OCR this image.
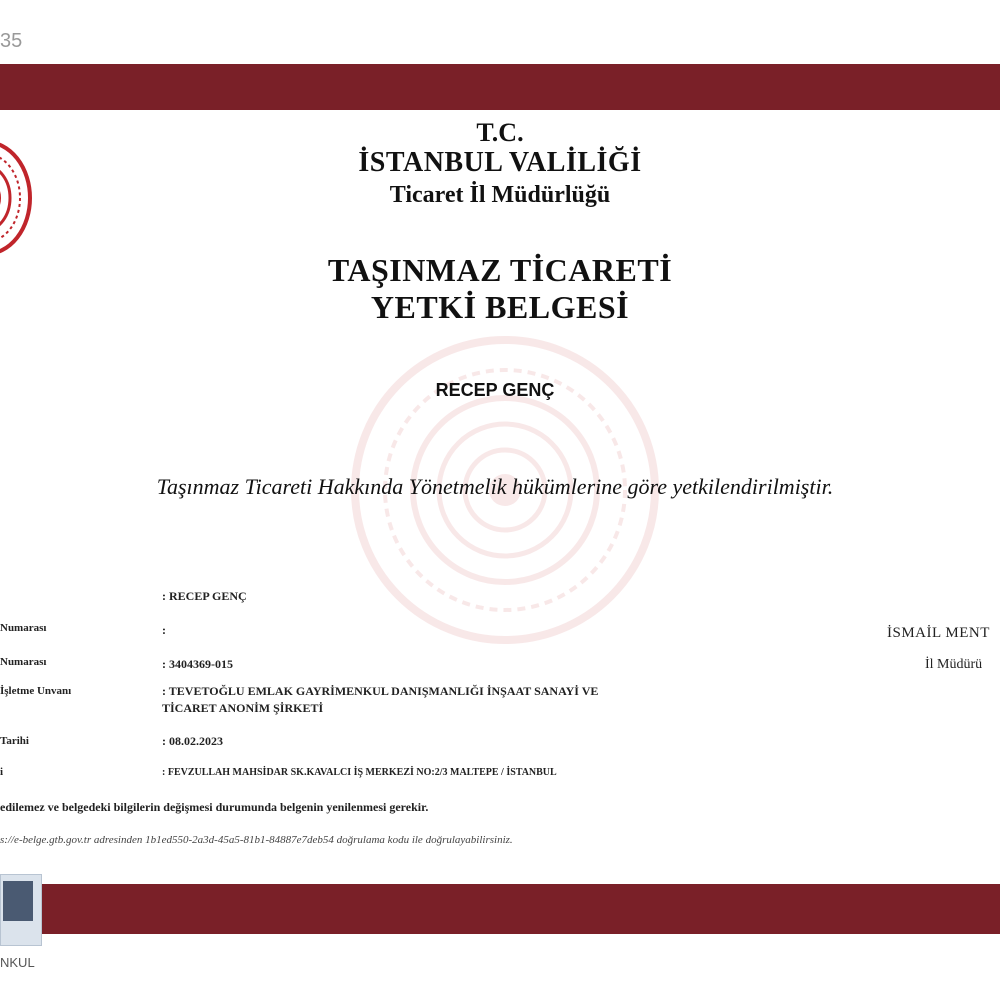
35
T.C.
İSTANBUL VALİLİĞİ
Ticaret İl Müdürlüğü
TAŞINMAZ TİCARETİ
YETKİ BELGESİ
RECEP GENÇ
Taşınmaz Ticareti Hakkında Yönetmelik hükümlerine göre yetkilendirilmiştir.
: RECEP GENÇ
Numarası	:
Numarası	: 3404369-015
İşletme Unvanı	: TEVETOĞLU EMLAK GAYRİMENKUL DANIŞMANLIĞI İNŞAAT SANAYİ VE
TİCARET ANONİM ŞİRKETİ
Tarihi	: 08.02.2023
i	: FEVZULLAH MAHSİDAR SK.KAVALCI İŞ MERKEZİ NO:2/3 MALTEPE / İSTANBUL
edilemez ve belgedeki bilgilerin değişmesi durumunda belgenin yenilenmesi gerekir.
s://e-belge.gtb.gov.tr adresinden 1b1ed550-2a3d-45a5-81b1-84887e7deb54 doğrulama kodu ile doğrulayabilirsiniz.
İSMAİL MENT
İl Müdürü
NKUL
